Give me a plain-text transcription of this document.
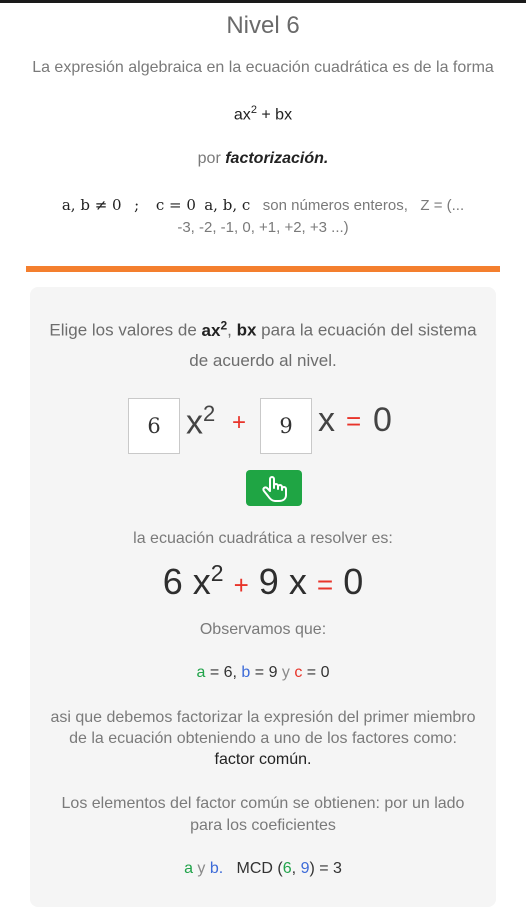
Nivel 6
La expresión algebraica en la ecuación cuadrática es de la forma
$ax^2$ + bx
por factorización.
a, b ≠ 0 ; c = 0 a, b, c son números enteros, Z = (...
-3, -2, -1, 0, +1, +2, +3 ...)
Elige los valores de $ax^2$, bx para la ecuación del sistema de acuerdo al nivel.
6 $x^2$ +	9 x = 0
la ecuación cuadrática a resolver es:
6 $x^2 + 9$ x = 0
Observamos que:
a = 6, b = 9 y c = 0
asi que debemos factorizar la expresión del primer miembro de la ecuación obteniendo a uno de los factores como: factor común.
Los elementos del factor común se obtienen: por un lado para los coeficientes
a y b. MCD (6, 9) = 3
